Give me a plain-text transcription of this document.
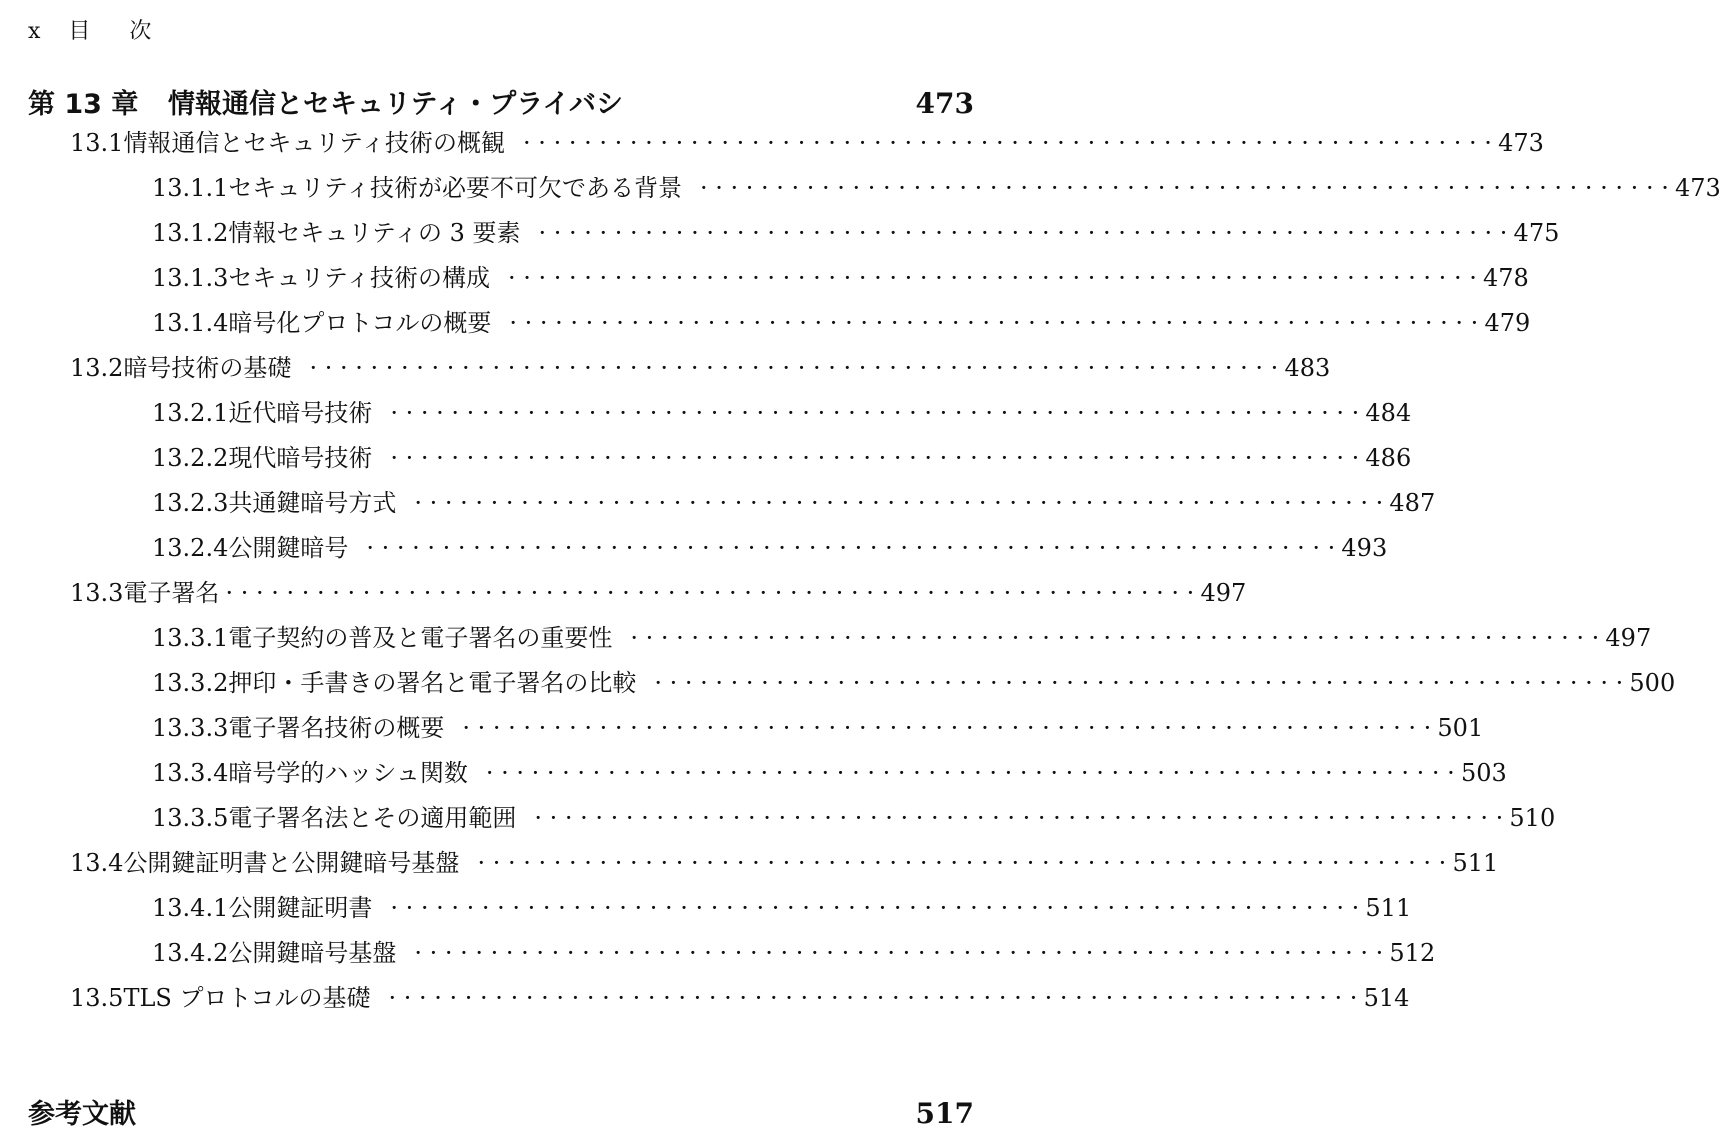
x 目 次
第 13 章	情報通信とセキュリティ・プライバシ	473
13.1 情報通信とセキュリティ技術の概観 · · · · · · · · · · · · · · · · · · · · · · · · · · · · · · · · · · · · · · · · · · · · · · · · · · · · · · · · · · · · · · · · 473
13.1.1 セキュリティ技術が必要不可欠である背景 · · · · · · · · · · · · · · · · · · · · · · · · · · · · · · · · · · · · · · · · · · · · · · · · · · · · · · · · · · · · · · · · 473
13.1.2 情報セキュリティの 3 要素 · · · · · · · · · · · · · · · · · · · · · · · · · · · · · · · · · · · · · · · · · · · · · · · · · · · · · · · · · · · · · · · · 475
13.1.3 セキュリティ技術の構成 · · · · · · · · · · · · · · · · · · · · · · · · · · · · · · · · · · · · · · · · · · · · · · · · · · · · · · · · · · · · · · · · 478
13.1.4 暗号化プロトコルの概要 · · · · · · · · · · · · · · · · · · · · · · · · · · · · · · · · · · · · · · · · · · · · · · · · · · · · · · · · · · · · · · · · 479
13.2 暗号技術の基礎 · · · · · · · · · · · · · · · · · · · · · · · · · · · · · · · · · · · · · · · · · · · · · · · · · · · · · · · · · · · · · · · · 483
13.2.1 近代暗号技術 · · · · · · · · · · · · · · · · · · · · · · · · · · · · · · · · · · · · · · · · · · · · · · · · · · · · · · · · · · · · · · · · 484
13.2.2 現代暗号技術 · · · · · · · · · · · · · · · · · · · · · · · · · · · · · · · · · · · · · · · · · · · · · · · · · · · · · · · · · · · · · · · · 486
13.2.3 共通鍵暗号方式 · · · · · · · · · · · · · · · · · · · · · · · · · · · · · · · · · · · · · · · · · · · · · · · · · · · · · · · · · · · · · · · · 487
13.2.4 公開鍵暗号 · · · · · · · · · · · · · · · · · · · · · · · · · · · · · · · · · · · · · · · · · · · · · · · · · · · · · · · · · · · · · · · · 493
13.3 電子署名 · · · · · · · · · · · · · · · · · · · · · · · · · · · · · · · · · · · · · · · · · · · · · · · · · · · · · · · · · · · · · · · · 497
13.3.1 電子契約の普及と電子署名の重要性 · · · · · · · · · · · · · · · · · · · · · · · · · · · · · · · · · · · · · · · · · · · · · · · · · · · · · · · · · · · · · · · · 497
13.3.2 押印・手書きの署名と電子署名の比較 · · · · · · · · · · · · · · · · · · · · · · · · · · · · · · · · · · · · · · · · · · · · · · · · · · · · · · · · · · · · · · · · 500
13.3.3 電子署名技術の概要 · · · · · · · · · · · · · · · · · · · · · · · · · · · · · · · · · · · · · · · · · · · · · · · · · · · · · · · · · · · · · · · · 501
13.3.4 暗号学的ハッシュ関数 · · · · · · · · · · · · · · · · · · · · · · · · · · · · · · · · · · · · · · · · · · · · · · · · · · · · · · · · · · · · · · · · 503
13.3.5 電子署名法とその適用範囲 · · · · · · · · · · · · · · · · · · · · · · · · · · · · · · · · · · · · · · · · · · · · · · · · · · · · · · · · · · · · · · · · 510
13.4 公開鍵証明書と公開鍵暗号基盤 · · · · · · · · · · · · · · · · · · · · · · · · · · · · · · · · · · · · · · · · · · · · · · · · · · · · · · · · · · · · · · · · 511
13.4.1 公開鍵証明書 · · · · · · · · · · · · · · · · · · · · · · · · · · · · · · · · · · · · · · · · · · · · · · · · · · · · · · · · · · · · · · · · 511
13.4.2 公開鍵暗号基盤 · · · · · · · · · · · · · · · · · · · · · · · · · · · · · · · · · · · · · · · · · · · · · · · · · · · · · · · · · · · · · · · · 512
13.5 TLS プロトコルの基礎 · · · · · · · · · · · · · · · · · · · · · · · · · · · · · · · · · · · · · · · · · · · · · · · · · · · · · · · · · · · · · · · · 514
参考文献	517
